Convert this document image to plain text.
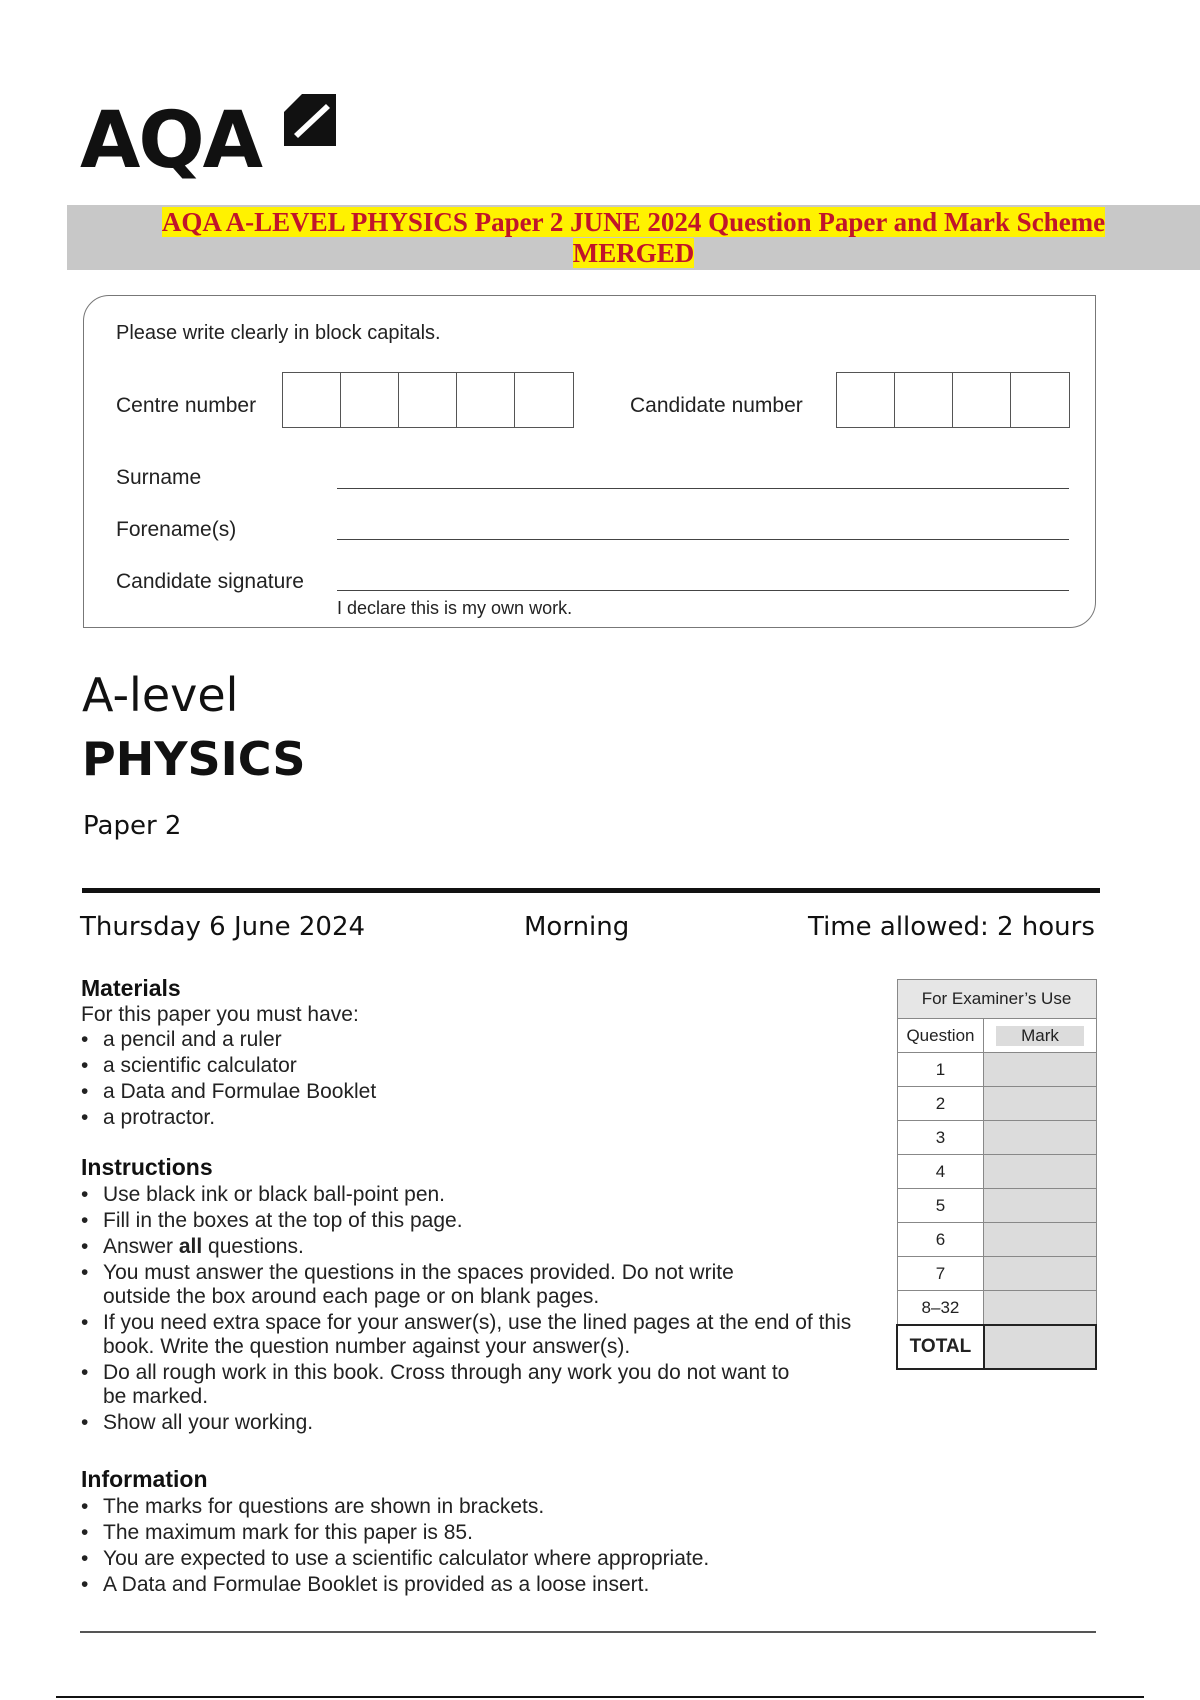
AQA
AQA A-LEVEL PHYSICS Paper 2 JUNE 2024 Question Paper and Mark Scheme
MERGED
Please write clearly in block capitals.
Centre number	Candidate number
Surname
Forename(s)
Candidate signature
I declare this is my own work.
A-level
PHYSICS
Paper 2
Thursday 6 June 2024	Morning	Time allowed: 2 hours
Materials
For this paper you must have:
• a pencil and a ruler
• a scientific calculator
• a Data and Formulae Booklet
• a protractor.
Instructions
• Use black ink or black ball-point pen.
• Fill in the boxes at the top of this page.
• Answer all questions.
• You must answer the questions in the spaces provided. Do not write outside the box around each page or on blank pages.
• If you need extra space for your answer(s), use the lined pages at the end of this book. Write the question number against your answer(s).
• Do all rough work in this book. Cross through any work you do not want to be marked.
• Show all your working.
Information
• The marks for questions are shown in brackets.
• The maximum mark for this paper is 85.
• You are expected to use a scientific calculator where appropriate.
• A Data and Formulae Booklet is provided as a loose insert.
For Examiner’s Use	
Question	Mark
1	
2	
3	
4	
5	
6	
7	
8–32	
TOTAL	
